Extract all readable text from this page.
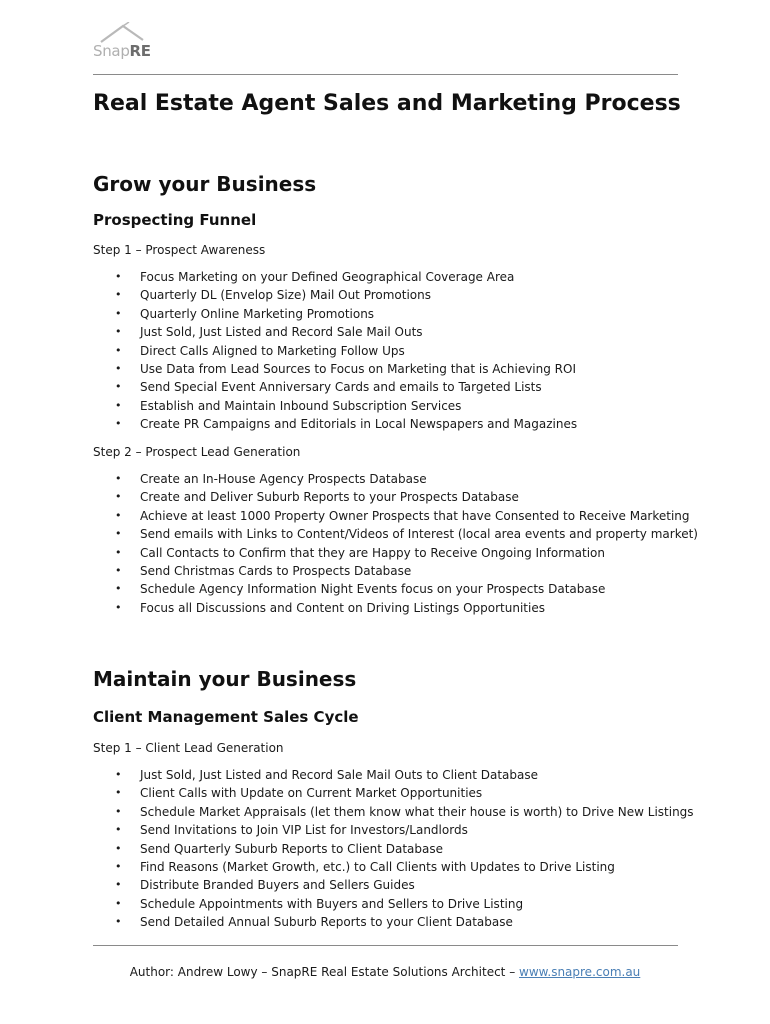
SnapRE
Real Estate Agent Sales and Marketing Process
Grow your Business
Prospecting Funnel
Step 1 – Prospect Awareness
• Focus Marketing on your Defined Geographical Coverage Area
• Quarterly DL (Envelop Size) Mail Out Promotions
• Quarterly Online Marketing Promotions
• Just Sold, Just Listed and Record Sale Mail Outs
• Direct Calls Aligned to Marketing Follow Ups
• Use Data from Lead Sources to Focus on Marketing that is Achieving ROI
• Send Special Event Anniversary Cards and emails to Targeted Lists
• Establish and Maintain Inbound Subscription Services
• Create PR Campaigns and Editorials in Local Newspapers and Magazines
Step 2 – Prospect Lead Generation
• Create an In-House Agency Prospects Database
• Create and Deliver Suburb Reports to your Prospects Database
• Achieve at least 1000 Property Owner Prospects that have Consented to Receive Marketing
• Send emails with Links to Content/Videos of Interest (local area events and property market)
• Call Contacts to Confirm that they are Happy to Receive Ongoing Information
• Send Christmas Cards to Prospects Database
• Schedule Agency Information Night Events focus on your Prospects Database
• Focus all Discussions and Content on Driving Listings Opportunities
Maintain your Business
Client Management Sales Cycle
Step 1 – Client Lead Generation
• Just Sold, Just Listed and Record Sale Mail Outs to Client Database
• Client Calls with Update on Current Market Opportunities
• Schedule Market Appraisals (let them know what their house is worth) to Drive New Listings
• Send Invitations to Join VIP List for Investors/Landlords
• Send Quarterly Suburb Reports to Client Database
• Find Reasons (Market Growth, etc.) to Call Clients with Updates to Drive Listing
• Distribute Branded Buyers and Sellers Guides
• Schedule Appointments with Buyers and Sellers to Drive Listing
• Send Detailed Annual Suburb Reports to your Client Database
Author: Andrew Lowy – SnapRE Real Estate Solutions Architect – www.snapre.com.au
